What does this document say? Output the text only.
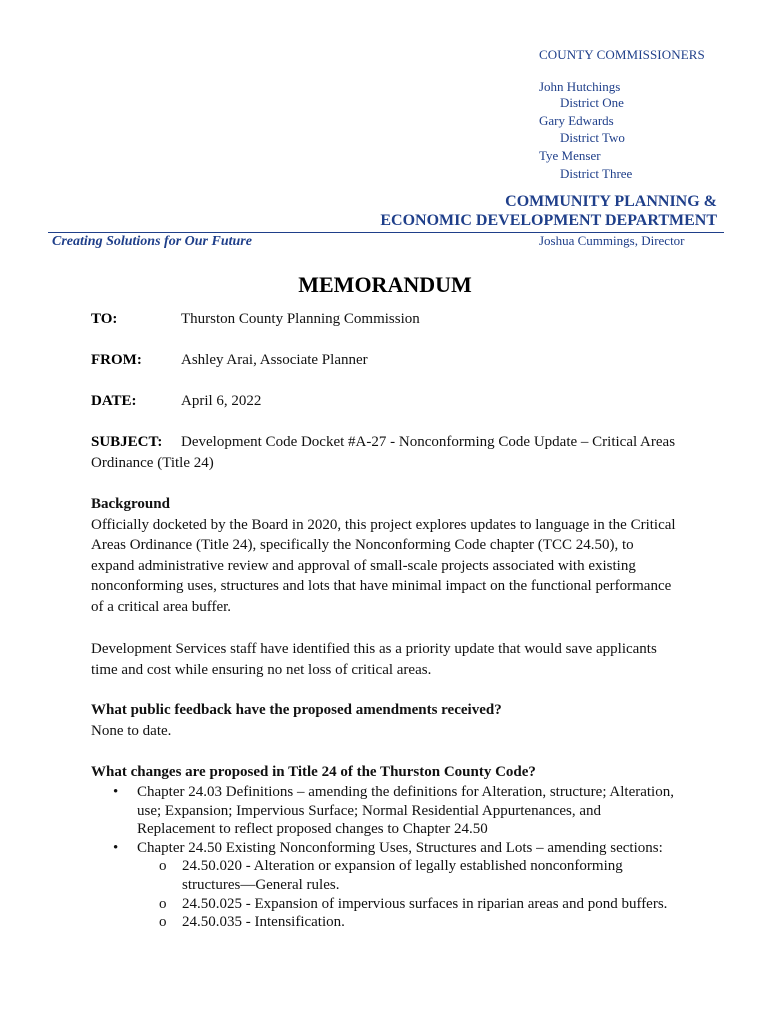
COUNTY COMMISSIONERS
John Hutchings
District One
Gary Edwards
District Two
Tye Menser
District Three
COMMUNITY PLANNING &
ECONOMIC DEVELOPMENT DEPARTMENT
Creating Solutions for Our Future	Joshua Cummings, Director
MEMORANDUM
TO:	Thurston County Planning Commission
FROM:	Ashley Arai, Associate Planner
DATE:	April 6, 2022
SUBJECT: Development Code Docket #A-27 - Nonconforming Code Update – Critical Areas
Ordinance (Title 24)
Background
Officially docketed by the Board in 2020, this project explores updates to language in the Critical
Areas Ordinance (Title 24), specifically the Nonconforming Code chapter (TCC 24.50), to
expand administrative review and approval of small-scale projects associated with existing
nonconforming uses, structures and lots that have minimal impact on the functional performance
of a critical area buffer.
Development Services staff have identified this as a priority update that would save applicants
time and cost while ensuring no net loss of critical areas.
What public feedback have the proposed amendments received?
None to date.
What changes are proposed in Title 24 of the Thurston County Code?
• Chapter 24.03 Definitions – amending the definitions for Alteration, structure; Alteration,
use; Expansion; Impervious Surface; Normal Residential Appurtenances, and
Replacement to reflect proposed changes to Chapter 24.50
• Chapter 24.50 Existing Nonconforming Uses, Structures and Lots – amending sections:
o 24.50.020 - Alteration or expansion of legally established nonconforming
structures—General rules.
o 24.50.025 - Expansion of impervious surfaces in riparian areas and pond buffers.
o 24.50.035 - Intensification.
